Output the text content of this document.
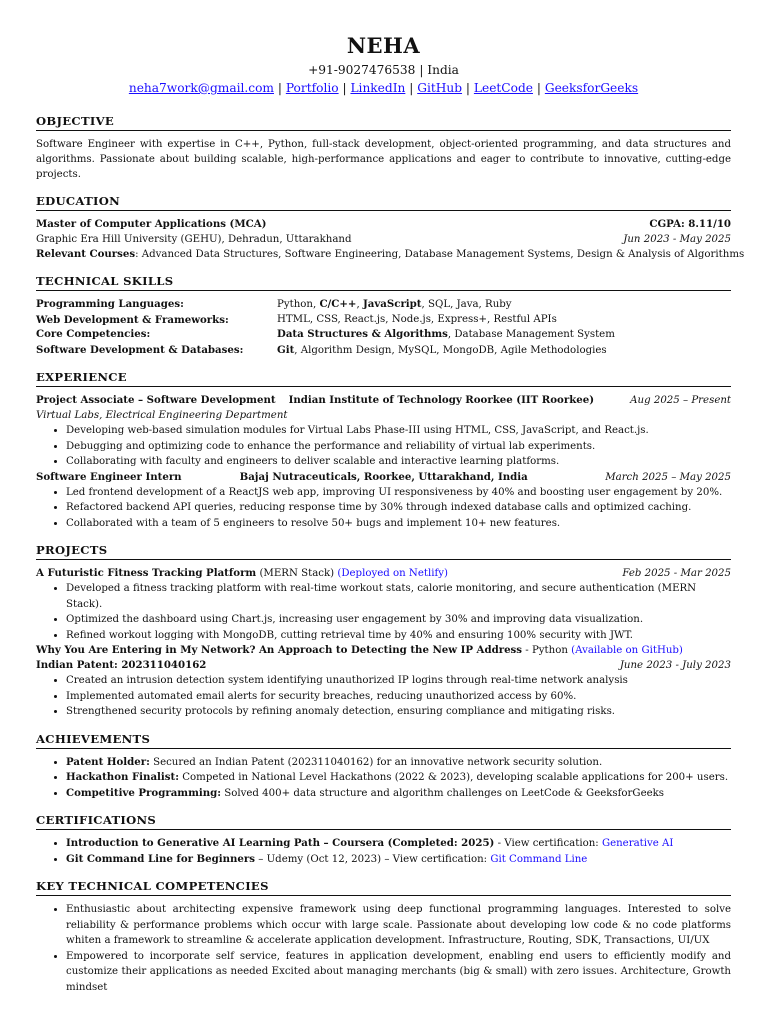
NEHA
+91-9027476538 | India
neha7work@gmail.com | Portfolio | LinkedIn | GitHub | LeetCode | GeeksforGeeks
OBJECTIVE

Software Engineer with expertise in C++, Python, full-stack development, object-oriented programming, and data structures and algorithms. Passionate about building scalable, high-performance applications and eager to contribute to innovative, cutting-edge projects.

EDUCATION
Master of Computer Applications (MCA)	CGPA: 8.11/10
Graphic Era Hill University (GEHU), Dehradun, Uttarakhand	Jun 2023 - May 2025
Relevant Courses: Advanced Data Structures, Software Engineering, Database Management Systems, Design & Analysis of Algorithms
TECHNICAL SKILLS
Programming Languages:	Python, C/C++, JavaScript, SQL, Java, Ruby
Web Development & Frameworks:	HTML, CSS, React.js, Node.js, Express+, Restful APIs
Core Competencies:	Data Structures & Algorithms, Database Management System
Software Development & Databases:	Git, Algorithm Design, MySQL, MongoDB, Agile Methodologies
EXPERIENCE
Project Associate – Software Development Indian Institute of Technology Roorkee (IIT Roorkee)	Aug 2025 – Present
Virtual Labs, Electrical Engineering Department
• Developing web-based simulation modules for Virtual Labs Phase-III using HTML, CSS, JavaScript, and React.js.
• Debugging and optimizing code to enhance the performance and reliability of virtual lab experiments.
• Collaborating with faculty and engineers to deliver scalable and interactive learning platforms.
Software Engineer Intern	Bajaj Nutraceuticals, Roorkee, Uttarakhand, India	March 2025 – May 2025
• Led frontend development of a ReactJS web app, improving UI responsiveness by 40% and boosting user engagement by 20%.
• Refactored backend API queries, reducing response time by 30% through indexed database calls and optimized caching.
• Collaborated with a team of 5 engineers to resolve 50+ bugs and implement 10+ new features.
PROJECTS
A Futuristic Fitness Tracking Platform (MERN Stack) (Deployed on Netlify)	Feb 2025 - Mar 2025
• Developed a fitness tracking platform with real-time workout stats, calorie monitoring, and secure authentication (MERN Stack).
• Optimized the dashboard using Chart.js, increasing user engagement by 30% and improving data visualization.
• Refined workout logging with MongoDB, cutting retrieval time by 40% and ensuring 100% security with JWT.
Why You Are Entering in My Network? An Approach to Detecting the New IP Address - Python (Available on GitHub)
Indian Patent: 202311040162	June 2023 - July 2023
• Created an intrusion detection system identifying unauthorized IP logins through real-time network analysis
• Implemented automated email alerts for security breaches, reducing unauthorized access by 60%.
• Strengthened security protocols by refining anomaly detection, ensuring compliance and mitigating risks.
ACHIEVEMENTS
• Patent Holder: Secured an Indian Patent (202311040162) for an innovative network security solution.
• Hackathon Finalist: Competed in National Level Hackathons (2022 & 2023), developing scalable applications for 200+ users.
• Competitive Programming: Solved 400+ data structure and algorithm challenges on LeetCode & GeeksforGeeks
CERTIFICATIONS
• Introduction to Generative AI Learning Path – Coursera (Completed: 2025) - View certification: Generative AI
• Git Command Line for Beginners – Udemy (Oct 12, 2023) – View certification: Git Command Line
KEY TECHNICAL COMPETENCIES
• Enthusiastic about architecting expensive framework using deep functional programming languages. Interested to solve reliability & performance problems which occur with large scale. Passionate about developing low code & no code platforms whiten a framework to streamline & accelerate application development. Infrastructure, Routing, SDK, Transactions, UI/UX
• Empowered to incorporate self service, features in application development, enabling end users to efficiently modify and customize their applications as needed Excited about managing merchants (big & small) with zero issues. Architecture, Growth mindset
